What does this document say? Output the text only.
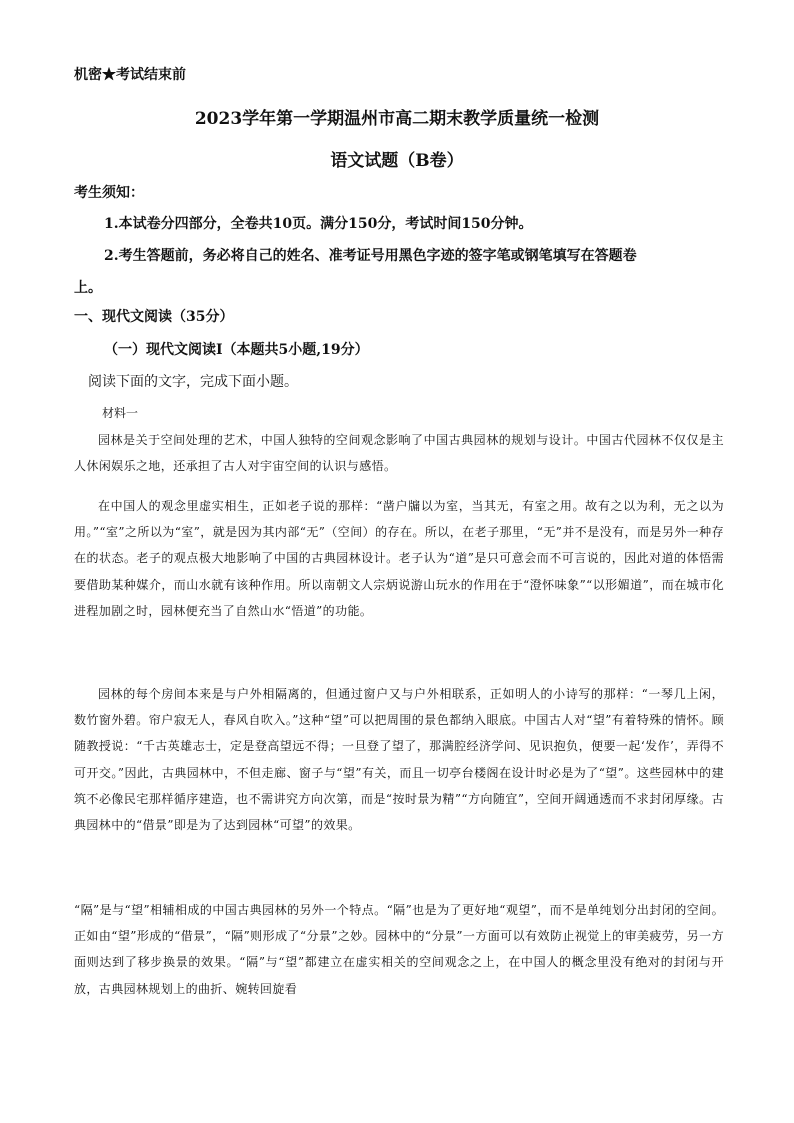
机密★考试结束前
2023学年第一学期温州市高二期末教学质量统一检测
语文试题（B卷）
考生须知：
1.本试卷分四部分，全卷共10页。满分150分，考试时间150分钟。
2.考生答题前，务必将自己的姓名、准考证号用黑色字迹的签字笔或钢笔填写在答题卷
上。
一、现代文阅读（35分）
（一）现代文阅读Ⅰ（本题共5小题,19分）
阅读下面的文字，完成下面小题。
材料一
园林是关于空间处理的艺术，中国人独特的空间观念影响了中国古典园林的规划与设计。中国古代园林不仅仅是主人休闲娱乐之地，还承担了古人对宇宙空间的认识与感悟。
在中国人的观念里虚实相生，正如老子说的那样：“凿户牖以为室，当其无，有室之用。故有之以为利，无之以为用。”“室”之所以为“室”，就是因为其内部“无”（空间）的存在。所以，在老子那里，“无”并不是没有，而是另外一种存在的状态。老子的观点极大地影响了中国的古典园林设计。老子认为“道”是只可意会而不可言说的，因此对道的体悟需要借助某种媒介，而山水就有该种作用。所以南朝文人宗炳说游山玩水的作用在于“澄怀味象”“以形媚道”，而在城市化进程加剧之时，园林便充当了自然山水“悟道”的功能。
园林的每个房间本来是与户外相隔离的，但通过窗户又与户外相联系，正如明人的小诗写的那样：“一琴几上闲，数竹窗外碧。帘户寂无人，春风自吹入。”这种“望”可以把周围的景色都纳入眼底。中国古人对“望”有着特殊的情怀。顾随教授说：“千古英雄志士，定是登高望远不得；一旦登了望了，那满腔经济学问、见识抱负，便要一起‘发作’，弄得不可开交。”因此，古典园林中，不但走廊、窗子与“望”有关，而且一切亭台楼阁在设计时必是为了“望”。这些园林中的建筑不必像民宅那样循序建造，也不需讲究方向次第，而是“按时景为精”“方向随宜”，空间开阔通透而不求封闭厚缘。古典园林中的“借景”即是为了达到园林“可望”的效果。
“隔”是与“望”相辅相成的中国古典园林的另外一个特点。“隔”也是为了更好地“观望”，而不是单纯划分出封闭的空间。正如由“望”形成的“借景”，“隔”则形成了“分景”之妙。园林中的“分景”一方面可以有效防止视觉上的审美疲劳，另一方面则达到了移步换景的效果。“隔”与“望”都建立在虚实相关的空间观念之上，在中国人的概念里没有绝对的封闭与开放，古典园林规划上的曲折、婉转回旋看
